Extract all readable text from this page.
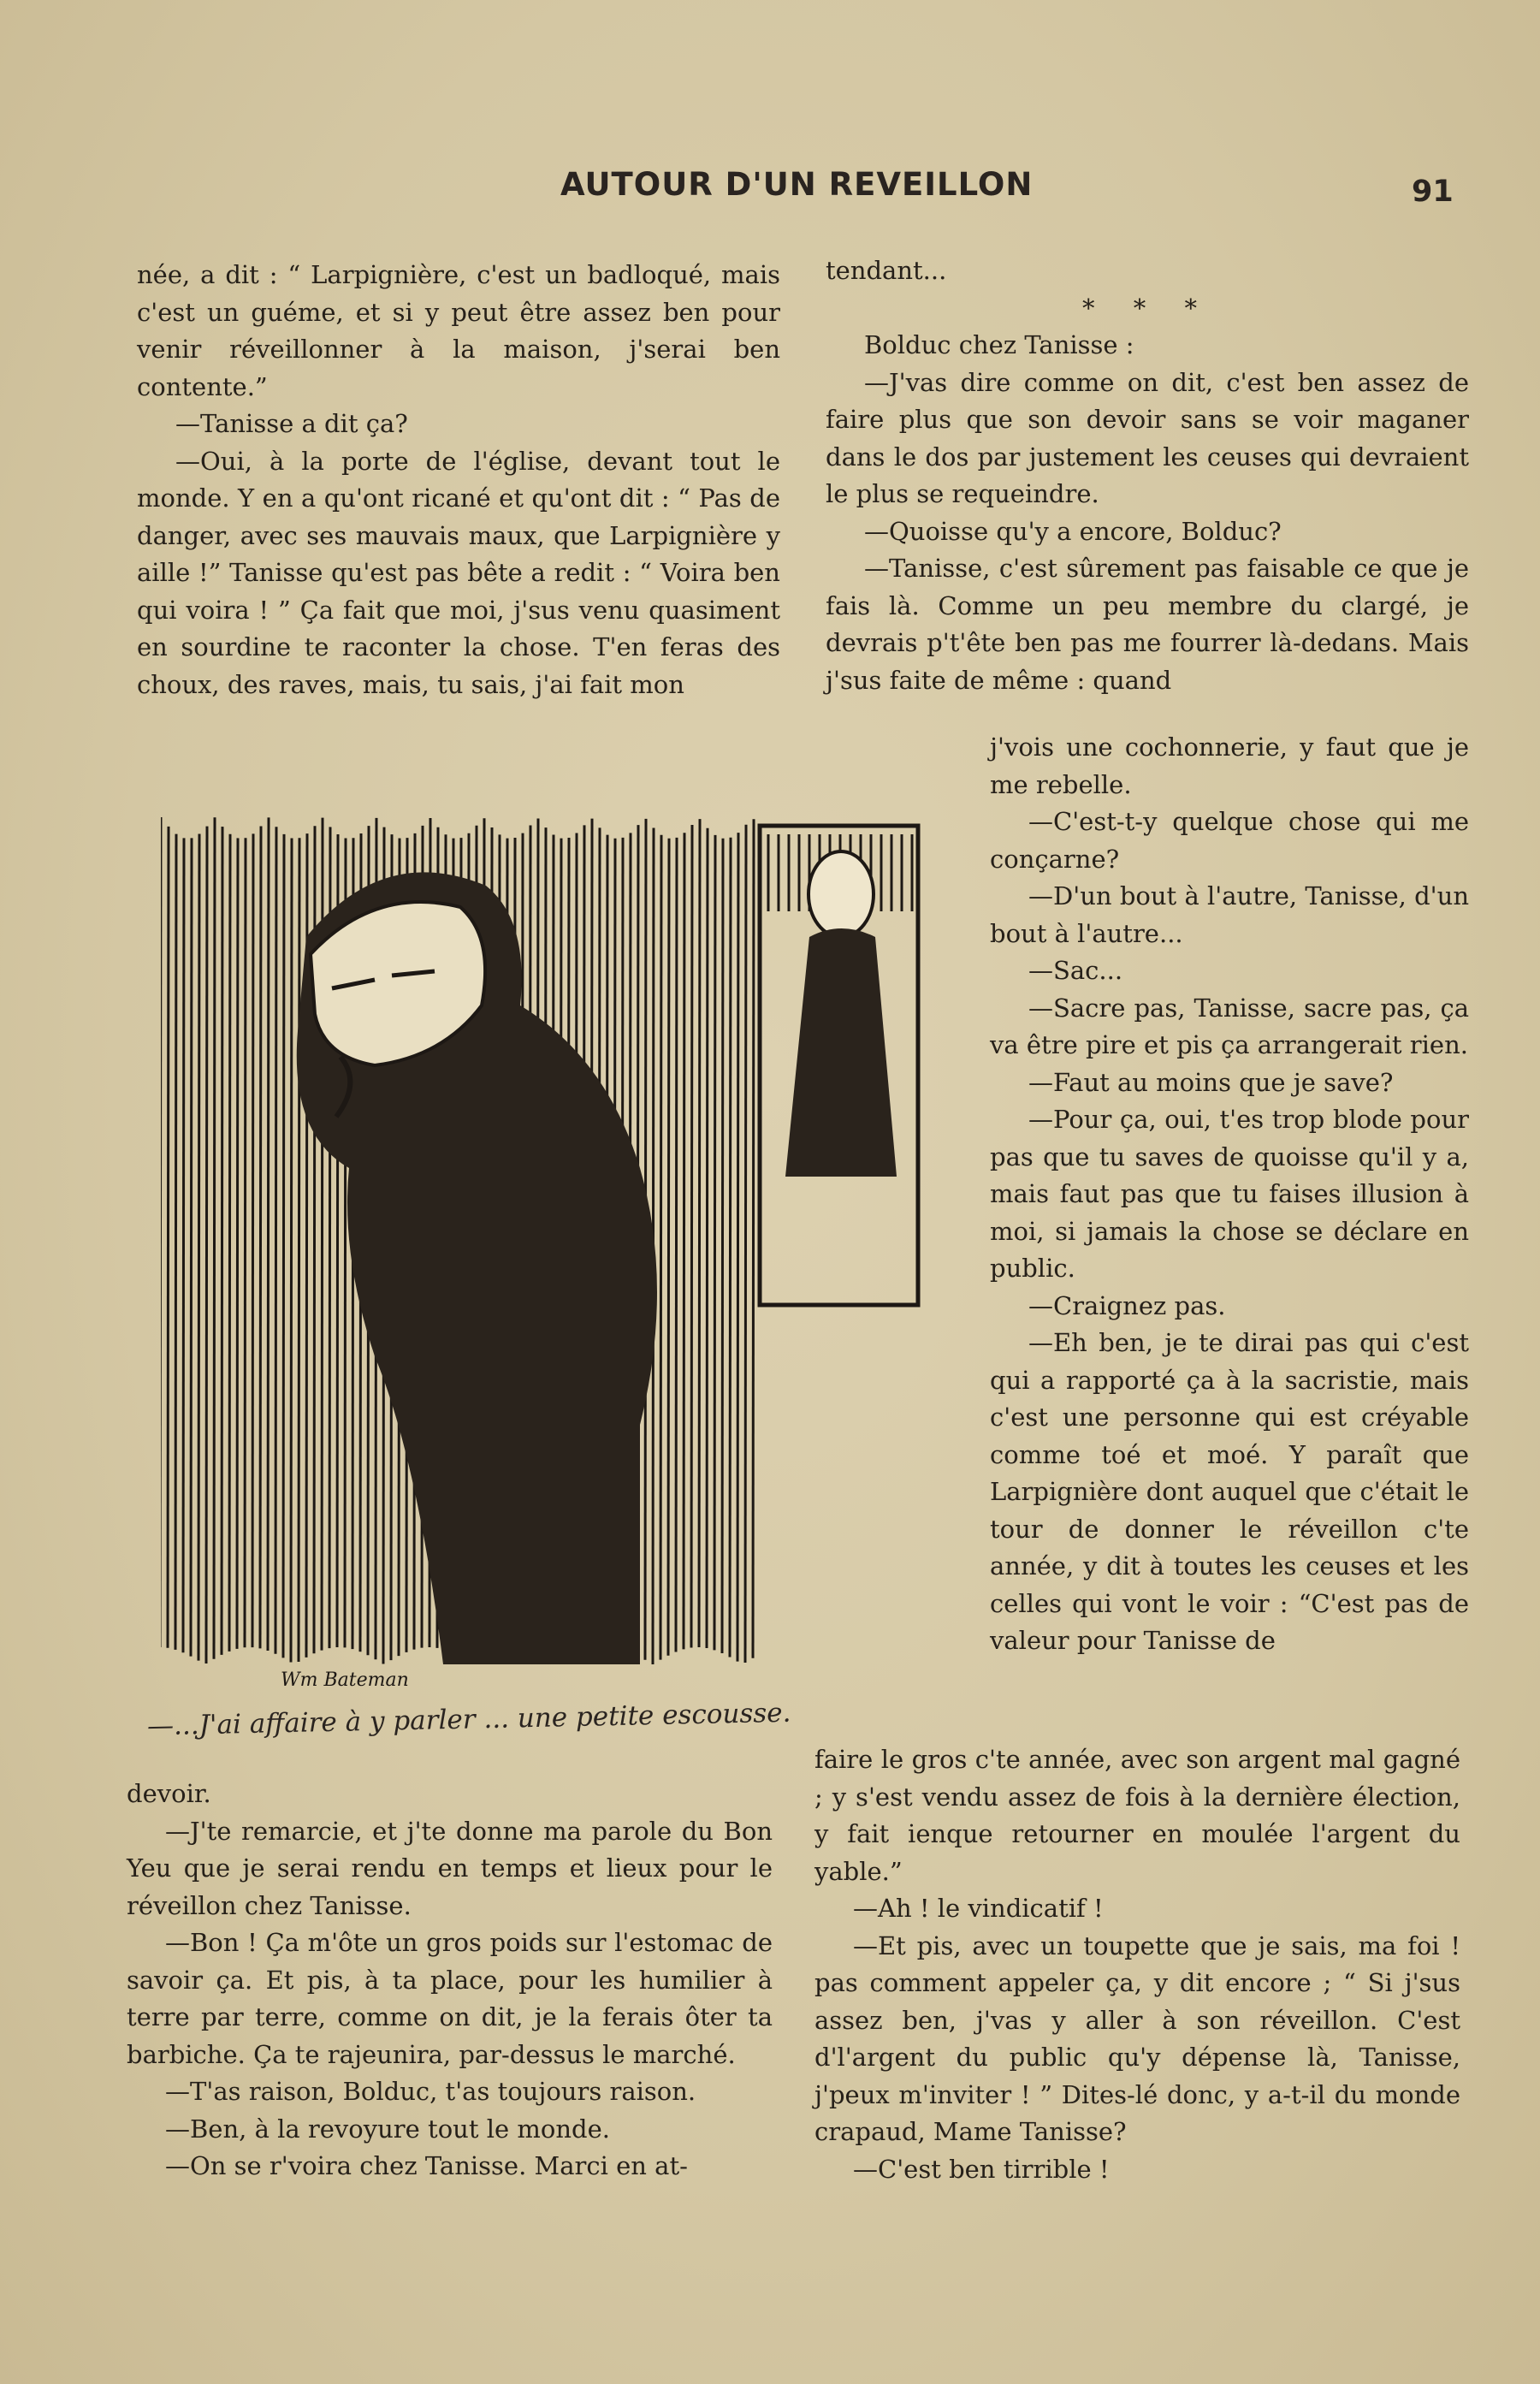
AUTOUR D'UN REVEILLON	91

née, a dit : “ Larpignière, c'est un badloqué, mais c'est un guéme, et si y peut être assez ben pour venir réveillonner à la maison, j'serai ben contente.”

—Tanisse a dit ça?

—Oui, à la porte de l'église, devant tout le monde. Y en a qu'ont ricané et qu'ont dit : “ Pas de danger, avec ses mauvais maux, que Larpignière y aille !” Tanisse qu'est pas bête a redit : “ Voira ben qui voira ! ” Ça fait que moi, j'sus venu quasiment en sourdine te raconter la chose. T'en feras des choux, des raves, mais, tu sais, j'ai fait mon

tendant...

* * *

Bolduc chez Tanisse :

—J'vas dire comme on dit, c'est ben assez de faire plus que son devoir sans se voir maganer dans le dos par justement les ceuses qui devraient le plus se requeindre.

—Quoisse qu'y a encore, Bolduc?

—Tanisse, c'est sûrement pas faisable ce que je fais là. Comme un peu membre du clargé, je devrais p't'ête ben pas me fourrer là-dedans. Mais j'sus faite de même : quand

j'vois une cochonnerie, y faut que je me rebelle.

—C'est-t-y quelque chose qui me conçarne?

—D'un bout à l'autre, Tanisse, d'un bout à l'autre...

—Sac...

—Sacre pas, Tanisse, sacre pas, ça va être pire et pis ça arrangerait rien.

—Faut au moins que je save?

—Pour ça, oui, t'es trop blode pour pas que tu saves de quoisse qu'il y a, mais faut pas que tu faises illusion à moi, si jamais la chose se déclare en public.

—Craignez pas.

—Eh ben, je te dirai pas qui c'est qui a rapporté ça à la sacristie, mais c'est une personne qui est créyable comme toé et moé. Y paraît que Larpignière dont auquel que c'était le tour de donner le réveillon c'te année, y dit à toutes les ceuses et les celles qui vont le voir : “C'est pas de valeur pour Tanisse de

Wm Bateman
—...J'ai affaire à y parler ... une petite escousse.

faire le gros c'te année, avec son argent mal gagné ; y s'est vendu assez de fois à la dernière élection, y fait ienque retourner en moulée l'argent du yable.”

—Ah ! le vindicatif !

—Et pis, avec un toupette que je sais, ma foi ! pas comment appeler ça, y dit encore ; “ Si j'sus assez ben, j'vas y aller à son réveillon. C'est d'l'argent du public qu'y dépense là, Tanisse, j'peux m'inviter ! ” Dites-lé donc, y a-t-il du monde crapaud, Mame Tanisse?

—C'est ben tirrible !

devoir.

—J'te remarcie, et j'te donne ma parole du Bon Yeu que je serai rendu en temps et lieux pour le réveillon chez Tanisse.

—Bon ! Ça m'ôte un gros poids sur l'estomac de savoir ça. Et pis, à ta place, pour les humilier à terre par terre, comme on dit, je la ferais ôter ta barbiche. Ça te rajeunira, par-dessus le marché.

—T'as raison, Bolduc, t'as toujours raison.

—Ben, à la revoyure tout le monde.

—On se r'voira chez Tanisse. Marci en at-
